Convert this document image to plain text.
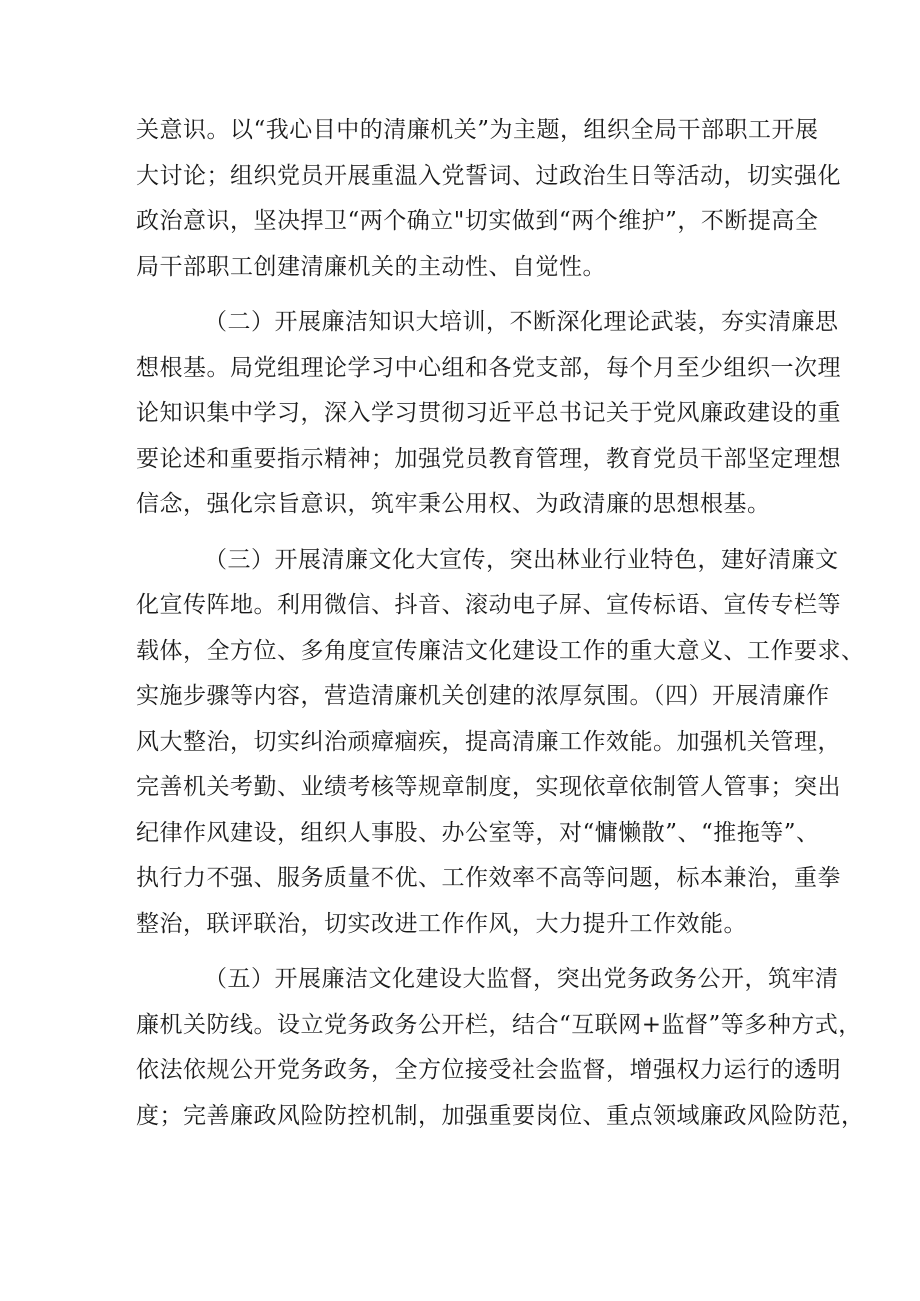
关意识。以“我心目中的清廉机关”为主题，组织全局干部职工开展
大讨论；组织党员开展重温入党誓词、过政治生日等活动，切实强化
政治意识，坚决捍卫“两个确立"切实做到“两个维护”，不断提高全
局干部职工创建清廉机关的主动性、自觉性。
（二）开展廉洁知识大培训，不断深化理论武装，夯实清廉思
想根基。局党组理论学习中心组和各党支部，每个月至少组织一次理
论知识集中学习，深入学习贯彻习近平总书记关于党风廉政建设的重
要论述和重要指示精神；加强党员教育管理，教育党员干部坚定理想
信念，强化宗旨意识，筑牢秉公用权、为政清廉的思想根基。
（三）开展清廉文化大宣传，突出林业行业特色，建好清廉文
化宣传阵地。利用微信、抖音、滚动电子屏、宣传标语、宣传专栏等
载体，全方位、多角度宣传廉洁文化建设工作的重大意义、工作要求、
实施步骤等内容，营造清廉机关创建的浓厚氛围。（四）开展清廉作
风大整治，切实纠治顽瘴痼疾，提高清廉工作效能。加强机关管理，
完善机关考勤、业绩考核等规章制度，实现依章依制管人管事；突出
纪律作风建设，组织人事股、办公室等，对“慵懒散”、“推拖等”、
执行力不强、服务质量不优、工作效率不高等问题，标本兼治，重拳
整治，联评联治，切实改进工作作风，大力提升工作效能。
（五）开展廉洁文化建设大监督，突出党务政务公开，筑牢清
廉机关防线。设立党务政务公开栏，结合“互联网+监督”等多种方式，
依法依规公开党务政务，全方位接受社会监督，增强权力运行的透明
度；完善廉政风险防控机制，加强重要岗位、重点领域廉政风险防范，
